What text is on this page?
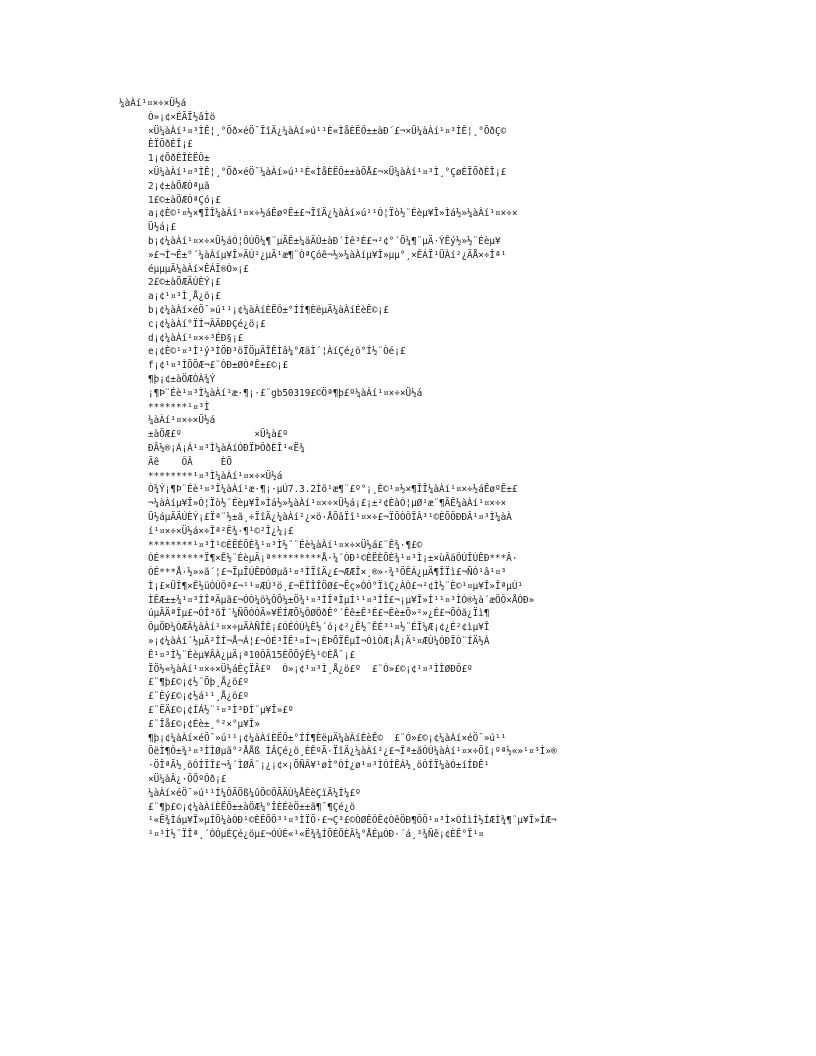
¼àÀí¹¤×÷×Ü½á
Ò»¡¢×ÉÃÏ½âÌö
×Ü¼àÀí¹¤³ÌÊ¦¸°Õð×éÖ¯ÏîÄ¿¼àÀí»ú¹¹È«ÌåÈËÔ±±àÐ´£¬×Ü¼àÀí¹¤³ÌÊ¦¸°ÕðÇ©
ÈÏÖðÈÎ¡£
1¡¢ÕðÈÎÈËÔ±
×Ü¼àÀí¹¤³ÌÊ¦¸°Õð×éÖ¯¼àÀí»ú¹¹È«ÌåÈËÔ±±àÕÅ£¬×Ü¼àÀí¹¤³Ì¸°ÇøÈÏÕðÈÎ¡£
2¡¢±àÖÆÒªµã
1£©±àÖÆÒªÇó¡£
a¡¢È©¹¤½×¶ÎÎ¼àÀí¹¤×÷½áÊøºÊ±£¬ÏîÄ¿¼àÀí»ú¹¹Ó¦Ïò½¨Éèµ¥Î»Ìá½»¼àÀí¹¤×÷×
Ü½á¡£
b¡¢¼àÀí¹¤×÷×Ü½áÓ¦ÔÚÕ¼¶¨µÄÊ±¼äÄÚ±àÐ´Íê³É£¬²¢°´Õ¼¶¨µÄ·ÝÊý½»½¨Éèµ¥
»£¬Í¬Ê±°´¼àÀíµ¥Î»ÄÚ²¿µÄ¹æ¶¨ÒªÇóê¬½»¼àÀíµ¥Î»µµ°¸×ÊÁÏ¹ÜÀí²¿ÃÅ×÷Îª¹
éµµµÄ¼àÀí×ÊÁÏ®Ò»¡£
2£©±àÖÆÄÚÈÝ¡£
a¡¢¹¤³Ì¸Å¿ö¡£
b¡¢¼àÀí×éÖ¯»ú¹¹¡¢¼àÀíÈËÔ±°ÍÍ¶ÈëµÄ¼àÀíÉèÊ©¡£
c¡¢¼àÀí°ÏÍ¬ÂÄÐÐÇé¿ö¡£
d¡¢¼àÀí¹¤×÷³ÉÐ§¡£
e¡¢È©¹¤³Ì¹ý³ÌÖÐ³öÏÖµÄÎÊÌâ¼°ÆäÌ´¦ÀíÇé¿ö°Í½¨Òé¡£
f¡¢¹¤³ÌÕÕÆ¬£¨ÓÐ±ØÒªÊ±£©¡£
¶þ¡¢±àÖÆÒÀ¾Ý
¡¶Þ¨Éè¹¤³Ì¼àÀí¹æ·¶¡·£¨gb50319£©Öª¶þ£º¼àÀí¹¤×÷×Ü½á
*******¹¤³Ì
¼àÀí¹¤×÷×Ü½á
±àÖÆ£º             ×Ü¼à£º
ÐÂ½®¡Á¡Á¹¤³Ì¼àÀíÓÐÏÞÔðÈÎ¹«Ë¾
Äê    ÔÂ     ÈÕ
********¹¤³Ì¼àÀí¹¤×÷×Ü½á
Ò¾Ý¡¶Þ¨Éè¹¤³Ì¼àÀí¹æ·¶¡·µÚ7.3.2Ìõ¹æ¶¨£º°¡¸È©¹¤½×¶ÎÎ¼àÀí¹¤×÷½áÊøºÊ±£
¬¼àÀíµ¥Î»Ó¦Ïò½¨Éèµ¥Î»Ìá½»¼àÀí¹¤×÷×Ü½á¡£¡±²¢ÈàÓ¦µØ¹æ¨¶ÃÊ¼àÀí¹¤×÷×
Ü½áµÄÄÚÈÝ¡£Ïª¨½±ã¸÷ÏîÄ¿¼àÀí²¿×ö·ÅÕâÏî¹¤×÷£¬ÏÖÒÔÏÂ³¹©ÈÕÖÐÐÂ¹¤³Ì¼àÀ
í¹¤×÷×Ü½á×÷Îª²Ê¾·¶¹©²Î¿¼¡£
********¹¤³Ì¹©ÈËÈÕÈ¾¹¤³Ì½¨¨Éè¼àÀí¹¤×÷×Ü½á£¨Ê¾·¶£©
ÓÉ********Ï¶×Ê½¨ÉèµÄ¡ª*********Å·¼¨ÓÐ¹©ÈËÈÕÈ¾¹¤³Ì¡±×ùÂäÔÚÎÚÊÐ***Â·
ÓÉ***Å·½»»ã´¦£¬ÏµÎÚÊÐÓØµã¹¤³ÌÏîÄ¿£¬ÆÆÎ×¸®»·¾³ÖÊÁ¿µÄ¶ÎÏì£¬ÑÓ¹â¹¤³
Ì¡£×ÜÍ¶×Ê½üÒÚÔª£¬¹¹¤ÆÚ³ö¸£¬ËÎÎÎÖØ£¬Ëç»ÓÓ°ÏìÇ¿ÀÒ£¬²¢Ì½¨È©¹¤µ¥Î»ÎªµÚ¹
ÌÊÆ±±¾¹¤³ÌÎªÄµã£¬ÓÓ¼ö¼ÔÕ¼±Ö¾¹¤³ÌÎªÌµÍ¹¹¤³ÌÎ£¬¡µ¥Î»Í¹¹¤³ÌÒ®¼à´æÖÔ×ÅÓÐ»
úµÄÄªÎµ£¬ÓÎ³õÎ´¼ÑÕÒÓÄ»¥ËÍÆÕ¼ÔØÔðÊ°´Êê±Ê³É£¬Êè±Õ»²»¿É£¬ÕÓã¿Ïì¶
ÔµÖÐ¼ÓÆÄ¼àÀí¹¤×÷µÄÀÑÎÈ¡£ÓÉÓÚ¼Ê½´ó¡¢²¿Ê½¨ÊÉ³¹¤½¨ÉÎ¼Æ¡¢¿É²¢ìµ¥Î
»¡¢¼àÀí´½µÄ²ÎÍ¬Å¬Á¦£¬ÓÉ³ÎÊ¹¤Í¬¡ÈÞÕÏÊµÍ¬ÒìÒÆ¡Å¡Ä¹¤ÆÚ¼ÓÐÏÒ¨ÍÄ½Á
Ê¹¤³Ì½¨Éèµ¥ÂÀ¿µÄ¡ª10ÔÂ15ÈÕÕýÊ½¹©ÈÅ¯¡£
ÏÖ½«¼àÀí¹¤×÷×Ü½áÈçÏÂ£º  Ò»¡¢¹¤³Ì¸Å¿ö£º  £¨Ò»£©¡¢¹¤³ÌÌØÐÔ£º
£¨¶þ£©¡¢½¨Öþ¸Å¿ö£º
£¨Èý£©¡¢½á¹¹¸Å¿ö£º
£¨ËÄ£©¡¢ÍÁ½¨¹¤³Ì³ÐÌ¨µ¥Î»£º
£¨Îå£©¡¢Éè±¸°²×°µ¥Î»
¶þ¡¢¼àÀí×éÖ¯»ú¹¹¡¢¼àÀíÈËÔ±°ÍÍ¶ÈëµÄ¼àÀíÉèÊ©  £¨Ò»£©¡¢¼àÀí×éÖ¯»ú¹¹
ÕëÌ¶Ô±¾¹¤³ÌÌØµã°²ÅÅß ÌÂÇé¿ö¸ÈÊºÃ·ÏîÄ¿¼àÀí²¿£¬Îª±ãÓÚ¼àÀí¹¤×÷Õî¡ºª½«»¹¤³Ì»®
·ÖÎªÃ½¸öÓÍÏÎ£¬¾´ÌØÂ¨¡¿¡¢×¡ÕÑÂ¥¹øÌ°ÓÍ¿ø¹¤³ÌÒÍÊÁ½¸öÓÍÏ¼àÓ±íÍÐÊ¹
×Ü¼àÂ¿·ÖÕºÔð¡£
¼àÀí×éÖ¯»ú¹¹Í¼ÔÃÕß¼ûÖ©ÖÃÄÚ¼ÅÉèÇïÄ¼Í¼£º
£¨¶þ£©¡¢¼àÀíÈËÔ±±àÖÆ¼°ÎÈÉèÖ±±ã¶¯¶Çé¿ö
¹«Ë¾Ìáµ¥Î»µÍÕ¼àÓÐ¹©ÈËÕÖ³¹¤³ÌÏÖ·£¬Ç³£©ÒØÊÔÊ¢ÓêÖÐ¶ÔÖ¹¤³Ì×ÓÍìÍ½ÍÆÌ¾¶¨µ¥Î»ÍÆ¬
¹¤³Ì½¨ÏÎª¸´ÓÓµÈÇé¿öµ£¬ÓÚÈ«¹«Ë¾¾ÍÕÉÕÈÂ¼°ÅÉµÓÐ·´á¸³¾Ñê¡¢ÈÊ°Ï¹¤
